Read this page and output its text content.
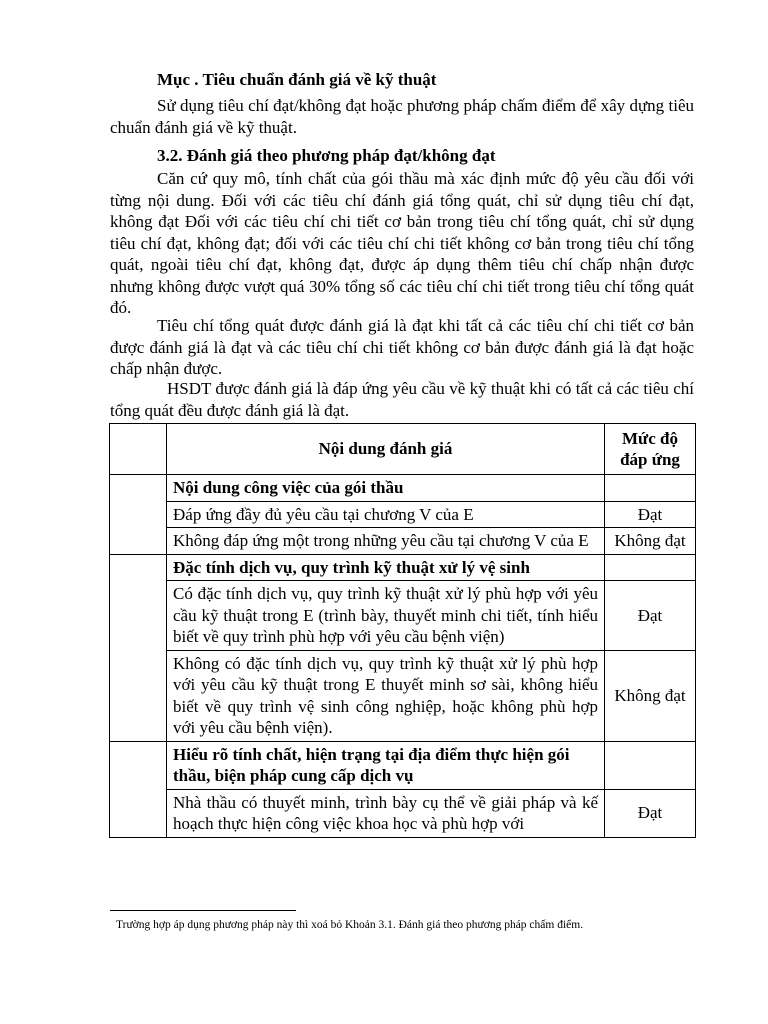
Mục . Tiêu chuẩn đánh giá về kỹ thuật

Sử dụng tiêu chí đạt/không đạt hoặc phương pháp chấm điểm để xây dựng tiêu chuẩn đánh giá về kỹ thuật.

3.2. Đánh giá theo phương pháp đạt/không đạt

Căn cứ quy mô, tính chất của gói thầu mà xác định mức độ yêu cầu đối với từng nội dung. Đối với các tiêu chí đánh giá tổng quát, chỉ sử dụng tiêu chí đạt, không đạt Đối với các tiêu chí chi tiết cơ bản trong tiêu chí tổng quát, chỉ sử dụng tiêu chí đạt, không đạt; đối với các tiêu chí chi tiết không cơ bản trong tiêu chí tổng quát, ngoài tiêu chí đạt, không đạt, được áp dụng thêm tiêu chí chấp nhận được nhưng không được vượt quá 30% tổng số các tiêu chí chi tiết trong tiêu chí tổng quát đó.

Tiêu chí tổng quát được đánh giá là đạt khi tất cả các tiêu chí chi tiết cơ bản được đánh giá là đạt và các tiêu chí chi tiết không cơ bản được đánh giá là đạt hoặc chấp nhận được.

HSDT được đánh giá là đáp ứng yêu cầu về kỹ thuật khi có tất cả các tiêu chí tổng quát đều được đánh giá là đạt.

	Nội dung đánh giá	Mức độ đáp ứng
	Nội dung công việc của gói thầu	
	Đáp ứng đầy đủ yêu cầu tại chương V của E	Đạt
	Không đáp ứng một trong những yêu cầu tại chương V của E	Không đạt
	Đặc tính dịch vụ, quy trình kỹ thuật xử lý vệ sinh	
	Có đặc tính dịch vụ, quy trình kỹ thuật xử lý phù hợp với yêu cầu kỹ thuật trong E (trình bày, thuyết minh chi tiết, tính hiểu biết về quy trình phù hợp với yêu cầu bệnh viện)	Đạt
	Không có đặc tính dịch vụ, quy trình kỹ thuật xử lý phù hợp với yêu cầu kỹ thuật trong E thuyết minh sơ sài, không hiểu biết về quy trình vệ sinh công nghiệp, hoặc không phù hợp với yêu cầu bệnh viện).	Không đạt
	Hiểu rõ tính chất, hiện trạng tại địa điểm thực hiện gói thầu, biện pháp cung cấp dịch vụ	
	Nhà thầu có thuyết minh, trình bày cụ thể về giải pháp và kế hoạch thực hiện công việc khoa học và phù hợp với	Đạt
Trường hợp áp dụng phương pháp này thì xoá bỏ Khoản 3.1. Đánh giá theo phương pháp chấm điểm.
